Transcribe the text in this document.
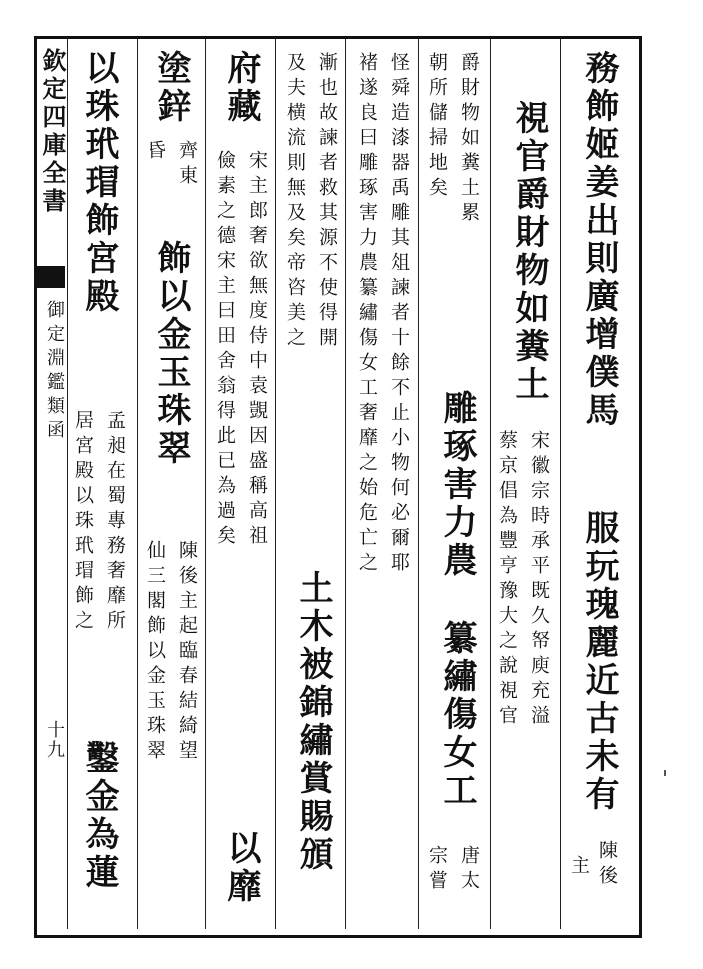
欽定四庫全書
御定淵鑑類函
十九
務飾姬姜出則廣增僕馬
服玩瑰麗近古未有
陳後
主
視官爵財物如糞土
宋徽宗時承平既久帑庾充溢
蔡京倡為豐亨豫大之說視官
爵財物如糞土累
朝所儲掃地矣
雕琢害力農
纂繡傷女工
唐太
宗嘗
怪舜造漆器禹雕其俎諫者十餘不止小物何必爾耶
褚遂良曰雕琢害力農纂繡傷女工奢靡之始危亡之
漸也故諫者救其源不使得開
及夫横流則無及矣帝咨美之
土木被錦繡賞賜頒
府藏
宋主郎奢欲無度侍中袁覬因盛稱高祖
儉素之德宋主曰田舍翁得此已為過矣
以靡
塗鋅
齊東
昏
飾以金玉珠翠
陳後主起臨春結綺望
仙三閣飾以金玉珠翠
以珠玳瑁飾宮殿
孟昶在蜀專務奢靡所
居宮殿以珠玳瑁飾之
鑿金為蓮
